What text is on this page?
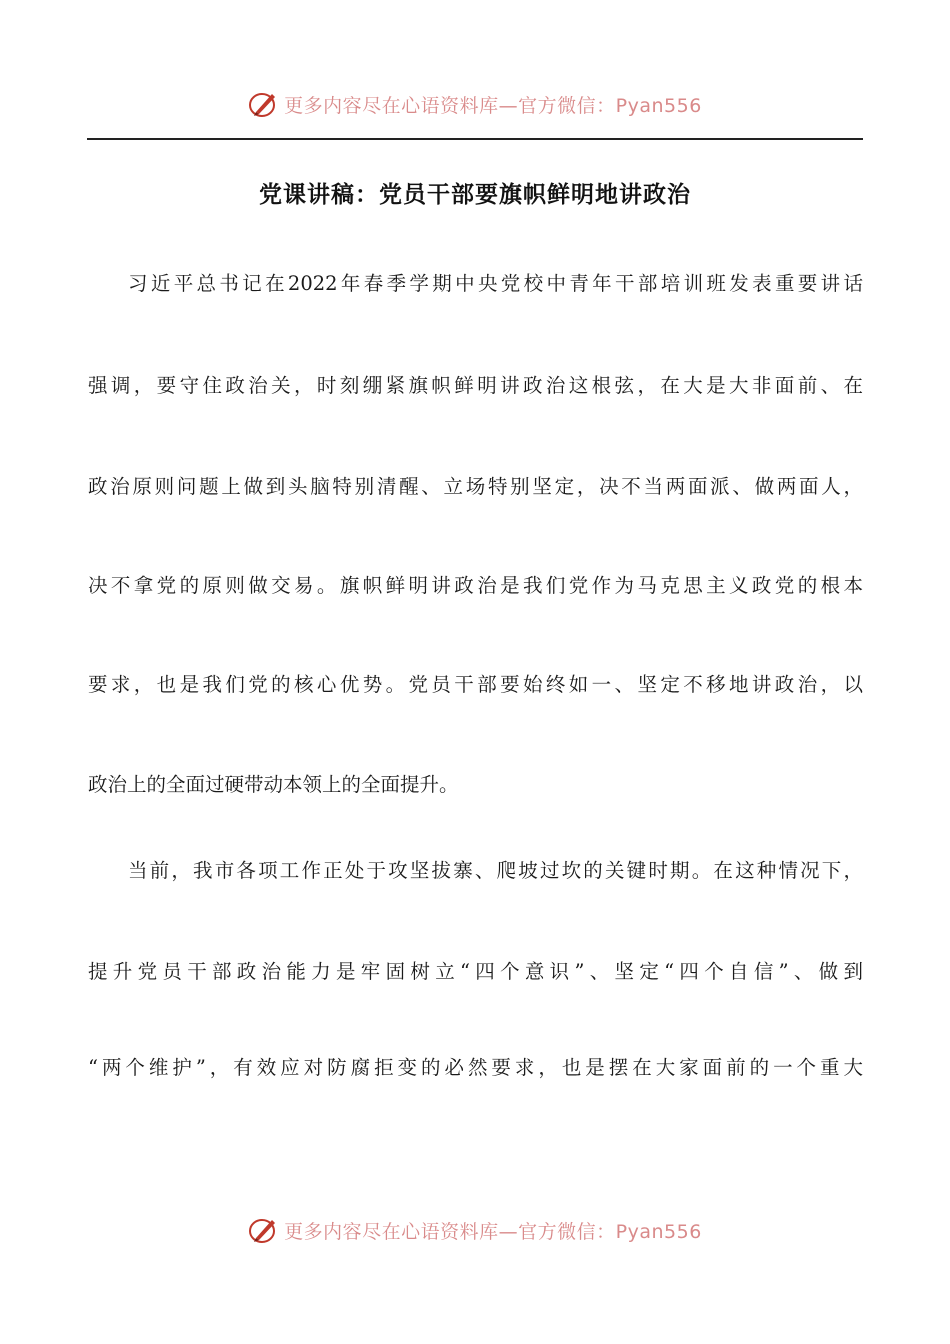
更多内容尽在心语资料库—官方微信：Pyan556
党课讲稿：党员干部要旗帜鲜明地讲政治
习近平总书记在2022年春季学期中央党校中青年干部培训班发表重要讲话
强调，要守住政治关，时刻绷紧旗帜鲜明讲政治这根弦，在大是大非面前、在
政治原则问题上做到头脑特别清醒、立场特别坚定，决不当两面派、做两面人，
决不拿党的原则做交易。旗帜鲜明讲政治是我们党作为马克思主义政党的根本
要求，也是我们党的核心优势。党员干部要始终如一、坚定不移地讲政治，以
政治上的全面过硬带动本领上的全面提升。
当前，我市各项工作正处于攻坚拔寨、爬坡过坎的关键时期。在这种情况下，
提升党员干部政治能力是牢固树立“四个意识”、坚定“四个自信”、做到
“两个维护”，有效应对防腐拒变的必然要求，也是摆在大家面前的一个重大
更多内容尽在心语资料库—官方微信：Pyan556
